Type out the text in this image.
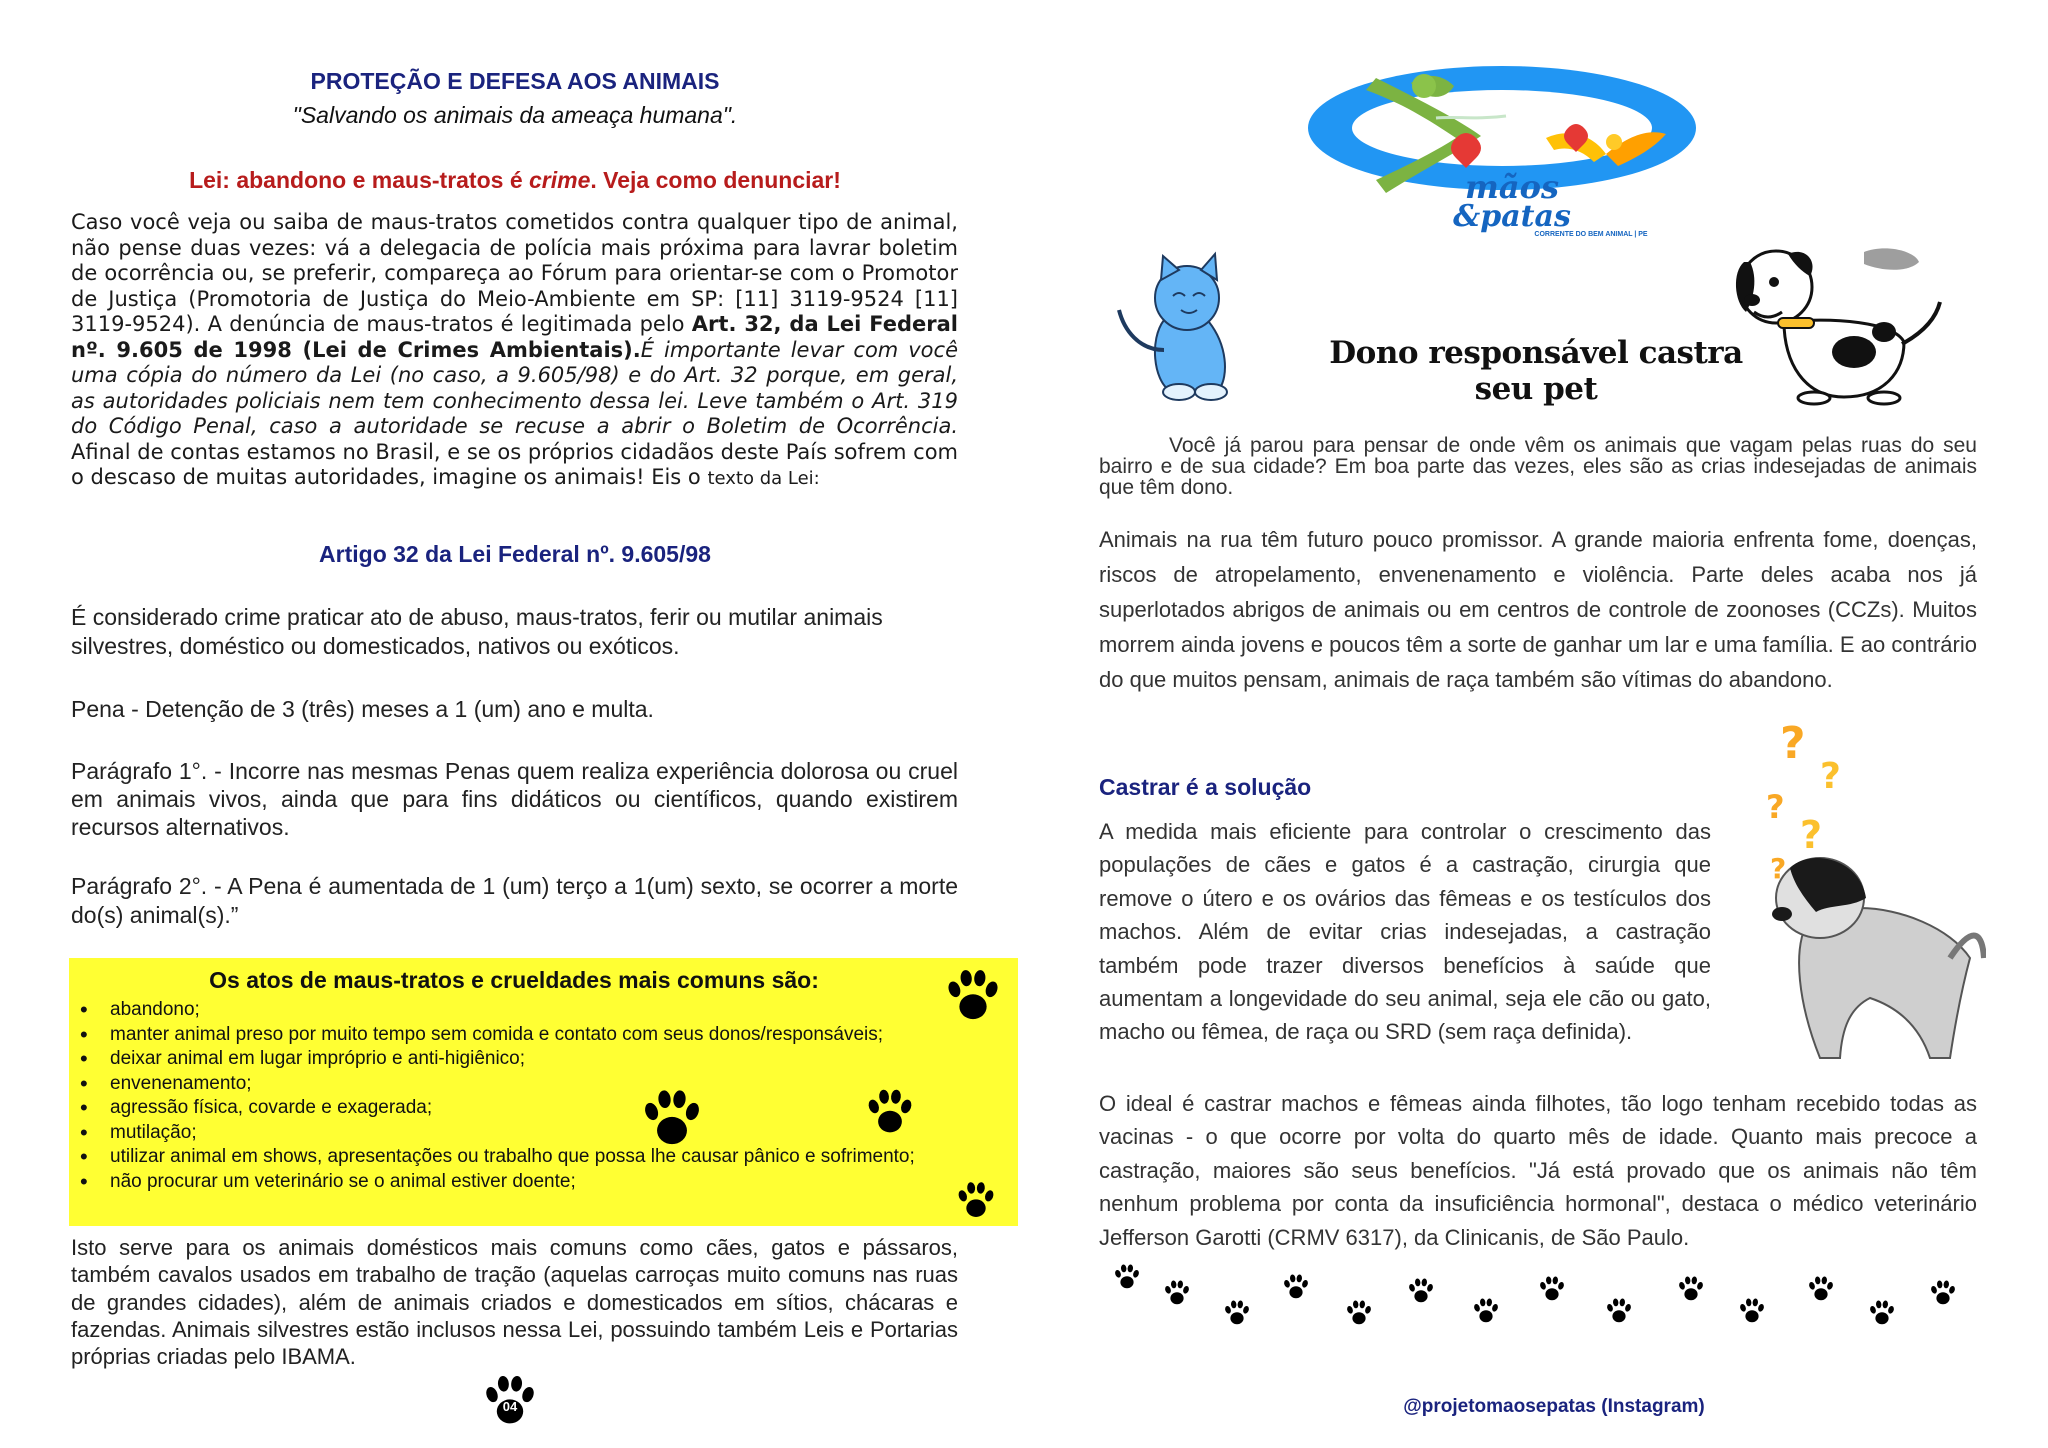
PROTEÇÃO E DEFESA AOS ANIMAIS
"Salvando os animais da ameaça humana".
Lei: abandono e maus-tratos é crime. Veja como denunciar!

Caso você veja ou saiba de maus-tratos cometidos contra qualquer tipo de animal, não pense duas vezes: vá a delegacia de polícia mais próxima para lavrar boletim de ocorrência ou, se preferir, compareça ao Fórum para orientar-se com o Promotor de Justiça (Promotoria de Justiça do Meio-Ambiente em SP: [11] 3119-9524 [11] 3119-9524). A denúncia de maus-tratos é legitimada pelo Art. 32, da Lei Federal nº. 9.605 de 1998 (Lei de Crimes Ambientais).É importante levar com você uma cópia do número da Lei (no caso, a 9.605/98) e do Art. 32 porque, em geral, as autoridades policiais nem tem conhecimento dessa lei. Leve também o Art. 319 do Código Penal, caso a autoridade se recuse a abrir o Boletim de Ocorrência. Afinal de contas estamos no Brasil, e se os próprios cidadãos deste País sofrem com o descaso de muitas autoridades, imagine os animais! Eis o texto da Lei:

Artigo 32 da Lei Federal nº. 9.605/98

É considerado crime praticar ato de abuso, maus-tratos, ferir ou mutilar animais silvestres, doméstico ou domesticados, nativos ou exóticos.

Pena - Detenção de 3 (três) meses a 1 (um) ano e multa.

Parágrafo 1°. - Incorre nas mesmas Penas quem realiza experiência dolorosa ou cruel em animais vivos, ainda que para fins didáticos ou científicos, quando existirem recursos alternativos.

Parágrafo 2°. - A Pena é aumentada de 1 (um) terço a 1(um) sexto, se ocorrer a morte do(s) animal(s).”

Os atos de maus-tratos e crueldades mais comuns são:
• abandono;
• manter animal preso por muito tempo sem comida e contato com seus donos/responsáveis;
• deixar animal em lugar impróprio e anti-higiênico;
• envenenamento;
• agressão física, covarde e exagerada;
• mutilação;
• utilizar animal em shows, apresentações ou trabalho que possa lhe causar pânico e sofrimento;
• não procurar um veterinário se o animal estiver doente;

Isto serve para os animais domésticos mais comuns como cães, gatos e pássaros, também cavalos usados em trabalho de tração (aquelas carroças muito comuns nas ruas de grandes cidades), além de animais criados e domesticados em sítios, chácaras e fazendas. Animais silvestres estão inclusos nessa Lei, possuindo também Leis e Portarias próprias criadas pelo IBAMA.

04
mãos
&patas
CORRENTE DO BEM ANIMAL | PE
Dono responsável castra seu pet

Você já parou para pensar de onde vêm os animais que vagam pelas ruas do seu bairro e de sua cidade? Em boa parte das vezes, eles são as crias indesejadas de animais que têm dono.

Animais na rua têm futuro pouco promissor. A grande maioria enfrenta fome, doenças, riscos de atropelamento, envenenamento e violência. Parte deles acaba nos já superlotados abrigos de animais ou em centros de controle de zoonoses (CCZs). Muitos morrem ainda jovens e poucos têm a sorte de ganhar um lar e uma família. E ao contrário do que muitos pensam, animais de raça também são vítimas do abandono.

Castrar é a solução

A medida mais eficiente para controlar o crescimento das populações de cães e gatos é a castração, cirurgia que remove o útero e os ovários das fêmeas e os testículos dos machos. Além de evitar crias indesejadas, a castração também pode trazer diversos benefícios à saúde que aumentam a longevidade do seu animal, seja ele cão ou gato, macho ou fêmea, de raça ou SRD (sem raça definida).

?
?
?
?
?

O ideal é castrar machos e fêmeas ainda filhotes, tão logo tenham recebido todas as vacinas - o que ocorre por volta do quarto mês de idade. Quanto mais precoce a castração, maiores são seus benefícios. "Já está provado que os animais não têm nenhum problema por conta da insuficiência hormonal", destaca o médico veterinário Jefferson Garotti (CRMV 6317), da Clinicanis, de São Paulo.

@projetomaosepatas (Instagram)
